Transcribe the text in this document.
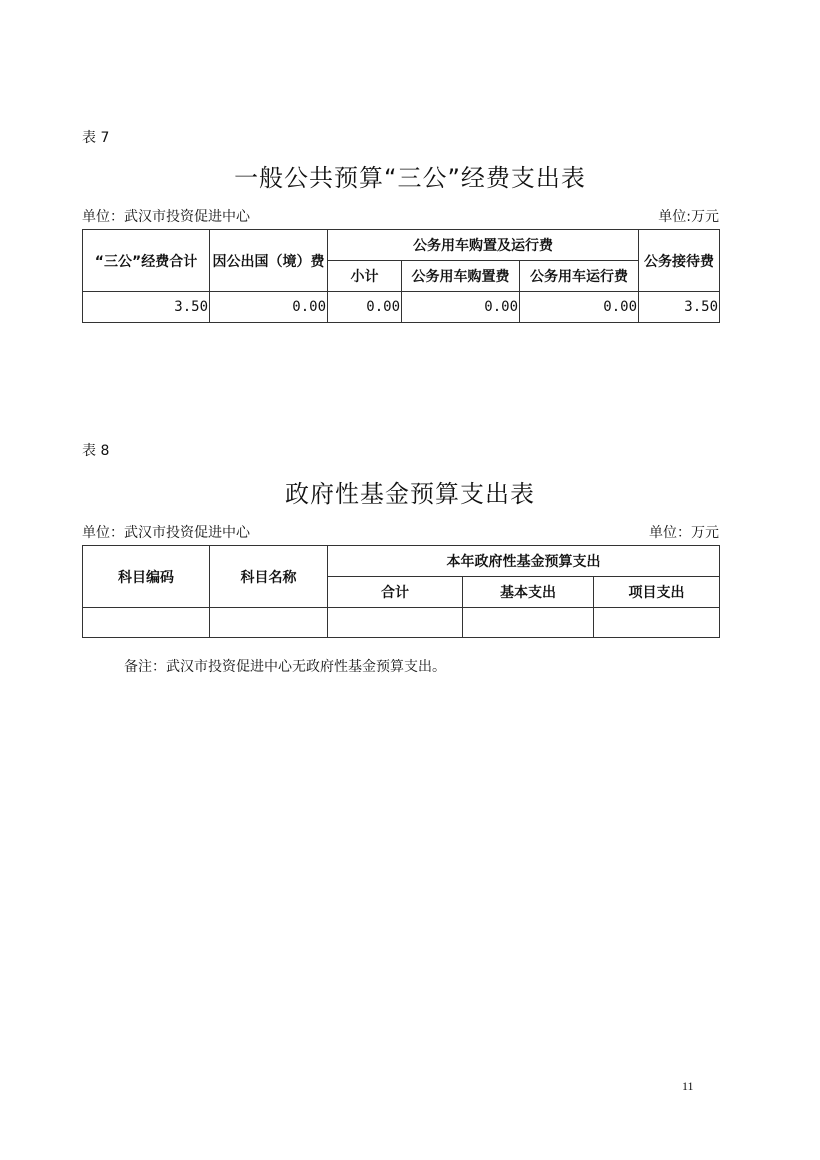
表 7
一般公共预算“三公”经费支出表
单位：武汉市投资促进中心	单位:万元
“三公”经费合计	因公出国（境）费	公务用车购置及运行费			公务接待费
		小计	公务用车购置费	公务用车运行费	
3.50	0.00	0.00	0.00	0.00	3.50
表 8
政府性基金预算支出表
单位：武汉市投资促进中心	单位：万元
科目编码	科目名称	本年政府性基金预算支出		
		合计	基本支出	项目支出

备注：武汉市投资促进中心无政府性基金预算支出。
11
